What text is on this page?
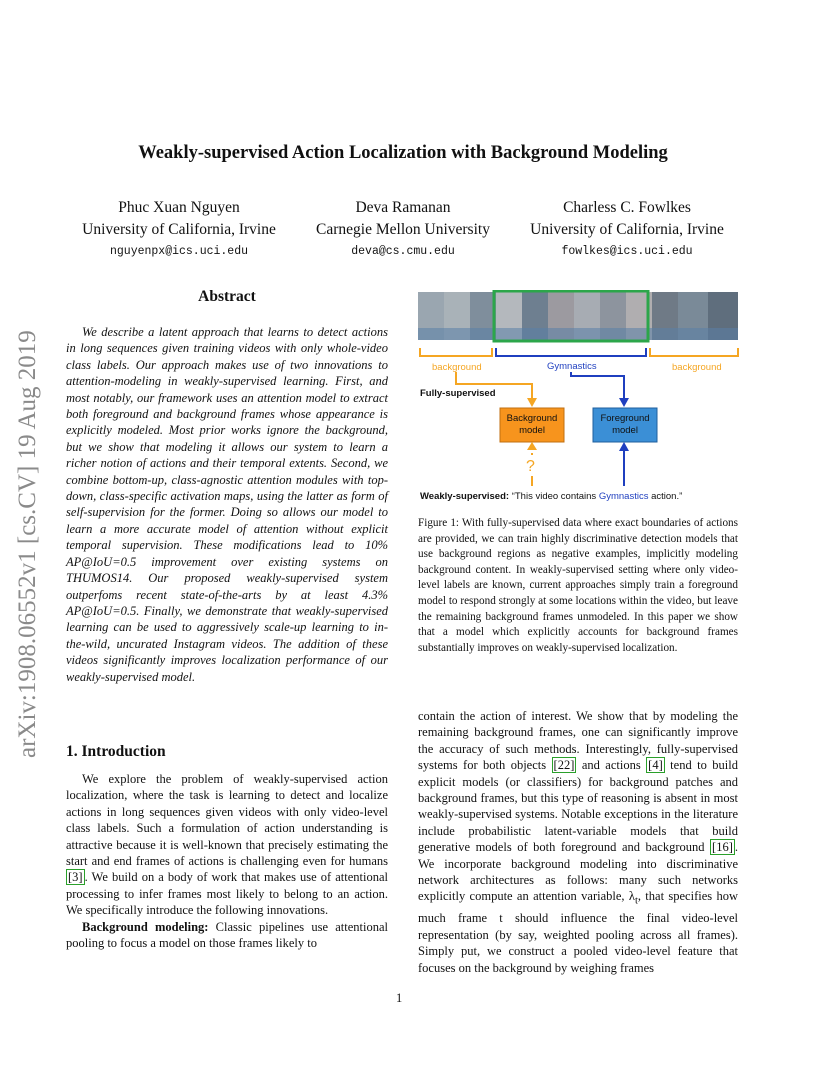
arXiv:1908.06552v1 [cs.CV] 19 Aug 2019
Weakly-supervised Action Localization with Background Modeling
Phuc Xuan Nguyen
University of California, Irvine
nguyenpx@ics.uci.edu
Deva Ramanan
Carnegie Mellon University
deva@cs.cmu.edu
Charless C. Fowlkes
University of California, Irvine
fowlkes@ics.uci.edu
Abstract

We describe a latent approach that learns to detect actions in long sequences given training videos with only whole-video class labels. Our approach makes use of two innovations to attention-modeling in weakly-supervised learning. First, and most notably, our framework uses an attention model to extract both foreground and background frames whose appearance is explicitly modeled. Most prior works ignore the background, but we show that modeling it allows our system to learn a richer notion of actions and their temporal extents. Second, we combine bottom-up, class-agnostic attention modules with top-down, class-specific activation maps, using the latter as form of self-supervision for the former. Doing so allows our model to learn a more accurate model of attention without explicit temporal supervision. These modifications lead to 10% AP@IoU=0.5 improvement over existing systems on THUMOS14. Our proposed weakly-supervised system outperfoms recent state-of-the-arts by at least 4.3% AP@IoU=0.5. Finally, we demonstrate that weakly-supervised learning can be used to aggressively scale-up learning to in-the-wild, uncurated Instagram videos. The addition of these videos significantly improves localization performance of our weakly-supervised model.

1. Introduction

We explore the problem of weakly-supervised action localization, where the task is learning to detect and localize actions in long sequences given videos with only video-level class labels. Such a formulation of action understanding is attractive because it is well-known that precisely estimating the start and end frames of actions is challenging even for humans [3] . We build on a body of work that makes use of attentional processing to infer frames most likely to belong to an action. We specifically introduce the following innovations.

Background modeling: Classic pipelines use attentional pooling to focus a model on those frames likely to

background	Gymnastics	background
Fully-supervised
Background
model
Foreground
model
?
Weakly-supervised: “This video contains Gymnastics action.”
Figure 1: With fully-supervised data where exact boundaries of actions are provided, we can train highly discriminative detection models that use background regions as negative examples, implicitly modeling background content. In weakly-supervised setting where only video-level labels are known, current approaches simply train a foreground model to respond strongly at some locations within the video, but leave the remaining background frames unmodeled. In this paper we show that a model which explicitly accounts for background frames substantially improves on weakly-supervised localization.

contain the action of interest. We show that by modeling the remaining background frames, one can significantly improve the accuracy of such methods. Interestingly, fully-supervised systems for both objects [22] and actions [4] tend to build explicit models (or classifiers) for background patches and background frames, but this type of reasoning is absent in most weakly-supervised systems. Notable exceptions in the literature include probabilistic latent-variable models that build generative models of both foreground and background [16] . We incorporate background modeling into discriminative network architectures as follows: many such networks explicitly compute an attention variable, $\lambda_t$, that specifies how much frame t should influence the final video-level representation (by say, weighted pooling across all frames). Simply put, we construct a pooled video-level feature that focuses on the background by weighing frames

1
